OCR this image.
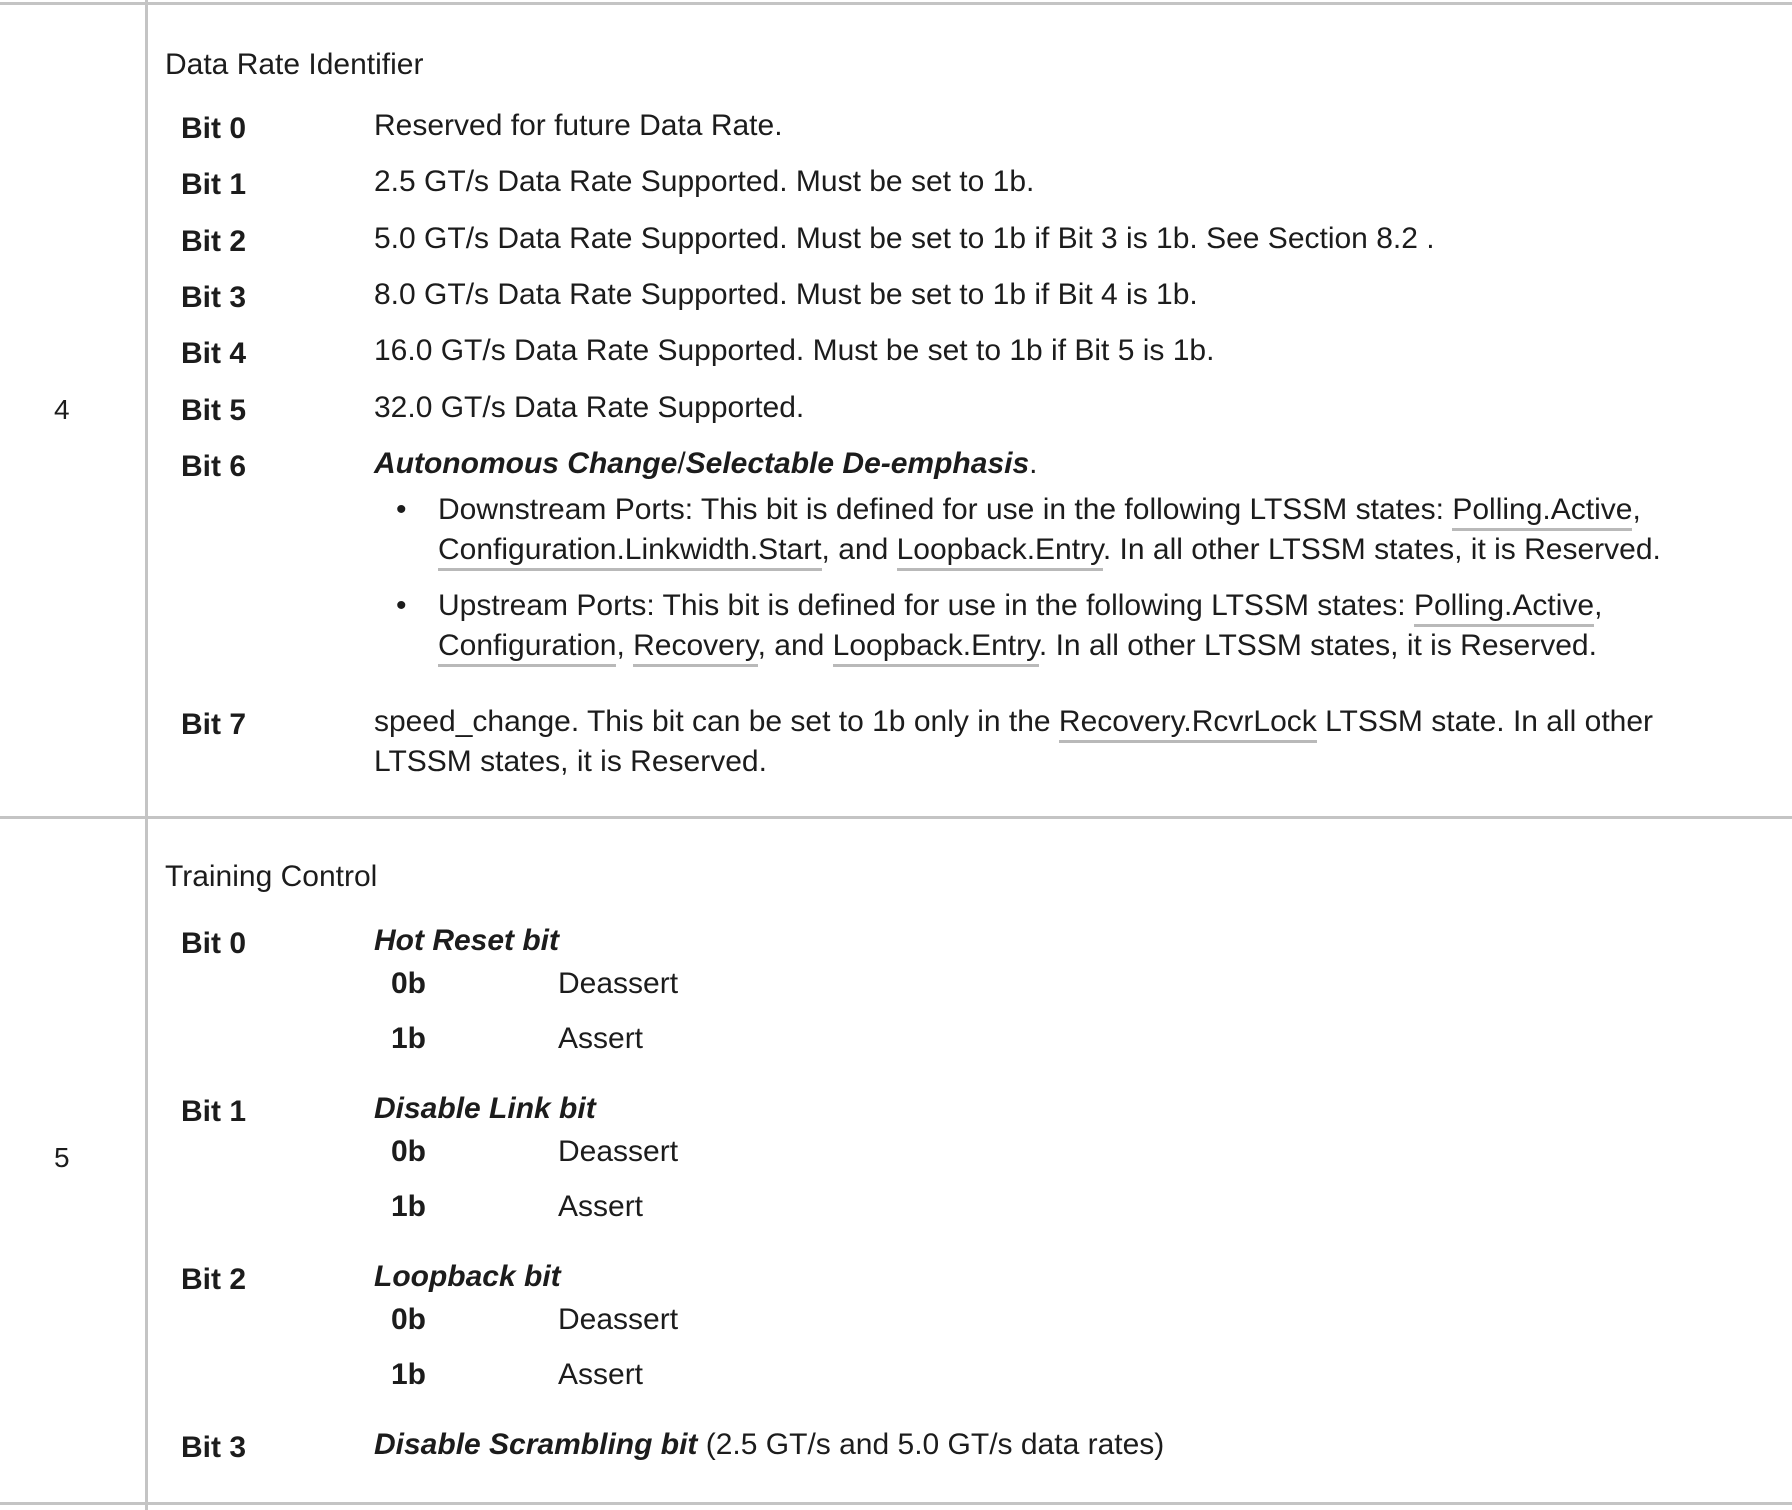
4
Data Rate Identifier
Bit 0	Reserved for future Data Rate.
Bit 1	2.5 GT/s Data Rate Supported. Must be set to 1b.
Bit 2	5.0 GT/s Data Rate Supported. Must be set to 1b if Bit 3 is 1b. See Section 8.2 .
Bit 3	8.0 GT/s Data Rate Supported. Must be set to 1b if Bit 4 is 1b.
Bit 4	16.0 GT/s Data Rate Supported. Must be set to 1b if Bit 5 is 1b.
Bit 5	32.0 GT/s Data Rate Supported.
Bit 6	Autonomous Change/Selectable De-emphasis.
• Downstream Ports: This bit is defined for use in the following LTSSM states: Polling.Active, Configuration.Linkwidth.Start, and Loopback.Entry. In all other LTSSM states, it is Reserved.
• Upstream Ports: This bit is defined for use in the following LTSSM states: Polling.Active, Configuration, Recovery, and Loopback.Entry. In all other LTSSM states, it is Reserved.
Bit 7	speed_change. This bit can be set to 1b only in the Recovery.RcvrLock LTSSM state. In all other LTSSM states, it is Reserved.
5
Training Control
Bit 0	Hot Reset bit
0b	Deassert
1b	Assert
Bit 1	Disable Link bit
0b	Deassert
1b	Assert
Bit 2	Loopback bit
0b	Deassert
1b	Assert
Bit 3	Disable Scrambling bit (2.5 GT/s and 5.0 GT/s data rates)
